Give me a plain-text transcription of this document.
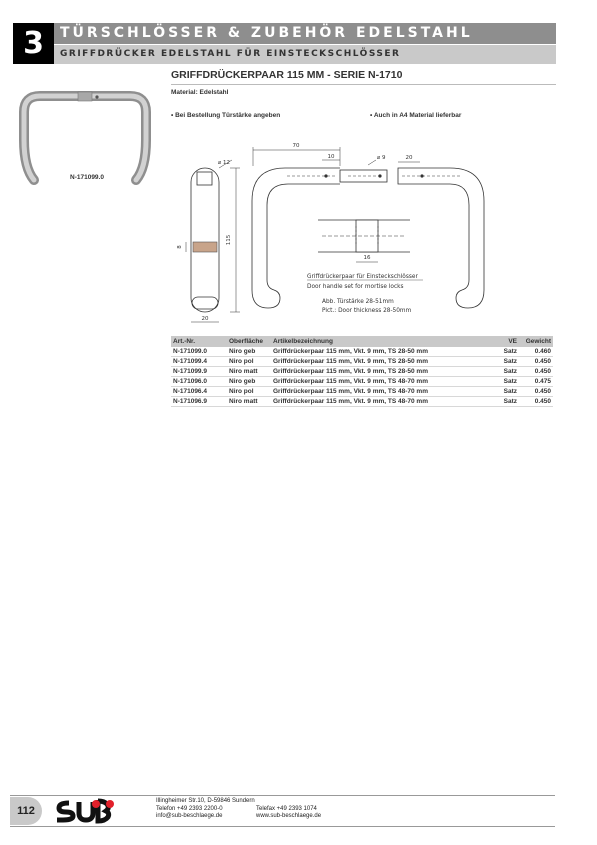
3	TÜRSCHLÖSSER & ZUBEHÖR EDELSTAHL
GRIFFDRÜCKER EDELSTAHL FÜR EINSTECKSCHLÖSSER
GRIFFDRÜCKERPAAR 115 MM - SERIE N-1710
Material: Edelstahl
• Bei Bestellung Türstärke angeben	• Auch in A4 Material lieferbar
N-171099.0
70
10	⌀ 9	20
⌀ 12
115
8
16
20
Griffdrückerpaar für Einsteckschlösser
Door handle set for mortise locks
Abb. Türstärke 28-51mm
Pict.: Door thickness 28-50mm
Art.-Nr.	Oberfläche	Artikelbezeichnung	VE	Gewicht
N-171099.0	Niro geb	Griffdrückerpaar 115 mm, Vkt. 9 mm, TS 28-50 mm	Satz	0.460
N-171099.4	Niro pol	Griffdrückerpaar 115 mm, Vkt. 9 mm, TS 28-50 mm	Satz	0.450
N-171099.9	Niro matt	Griffdrückerpaar 115 mm, Vkt. 9 mm, TS 28-50 mm	Satz	0.450
N-171096.0	Niro geb	Griffdrückerpaar 115 mm, Vkt. 9 mm, TS 48-70 mm	Satz	0.475
N-171096.4	Niro pol	Griffdrückerpaar 115 mm, Vkt. 9 mm, TS 48-70 mm	Satz	0.450
N-171096.9	Niro matt	Griffdrückerpaar 115 mm, Vkt. 9 mm, TS 48-70 mm	Satz	0.450
112
Illingheimer Str.10, D-59846 Sundern
Telefon +49 2393 2200-0	Telefax +49 2393 1074
info@sub-beschlaege.de	www.sub-beschlaege.de
